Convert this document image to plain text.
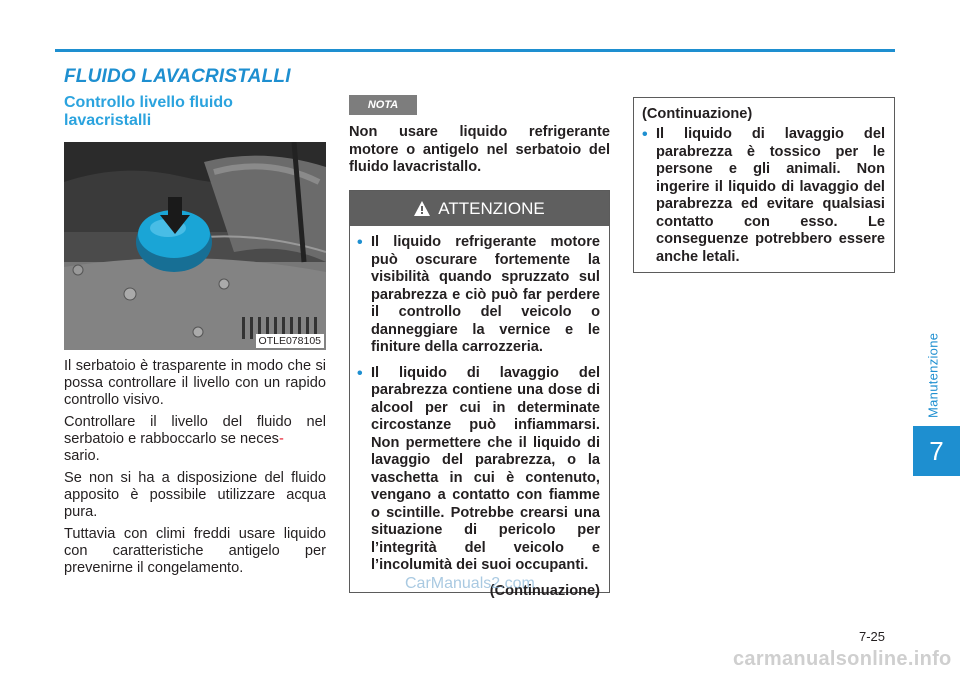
Manutenzione
7
FLUIDO LAVACRISTALLI
Controllo livello fluido lavacristalli
OTLE078105

Il serbatoio è trasparente in modo che si possa controllare il livello con un rapido controllo visivo.

Controllare il livello del fluido nel serbatoio e rabboccarlo se neces-

sario.

Se non si ha a disposizione del fluido apposito è possibile utilizzare acqua pura.

Tuttavia con climi freddi usare liquido con caratteristiche antigelo per prevenirne il congelamento.

NOTA
Non usare liquido refrigerante motore o antigelo nel serbatoio del fluido lavacristallo.
ATTENZIONE
• Il liquido refrigerante motore può oscurare fortemente la visibilità quando spruzzato sul parabrezza e ciò può far perdere il controllo del veicolo o danneggiare la vernice e le finiture della carrozzeria.
• Il liquido di lavaggio del parabrezza contiene una dose di alcool per cui in determinate circostanze può infiammarsi. Non permettere che il liquido di lavaggio del parabrezza, o la vaschetta in cui è contenuto, vengano a contatto con fiamme o scintille. Potrebbe crearsi una situazione di pericolo per l’integrità del veicolo e l’incolumità dei suoi occupanti.
(Continuazione)
(Continuazione)
• Il liquido di lavaggio del parabrezza è tossico per le persone e gli animali. Non ingerire il liquido di lavaggio del parabrezza ed evitare qualsiasi contatto con esso. Le conseguenze potrebbero essere anche letali.
7-25
CarManuals2.com
carmanualsonline.info
